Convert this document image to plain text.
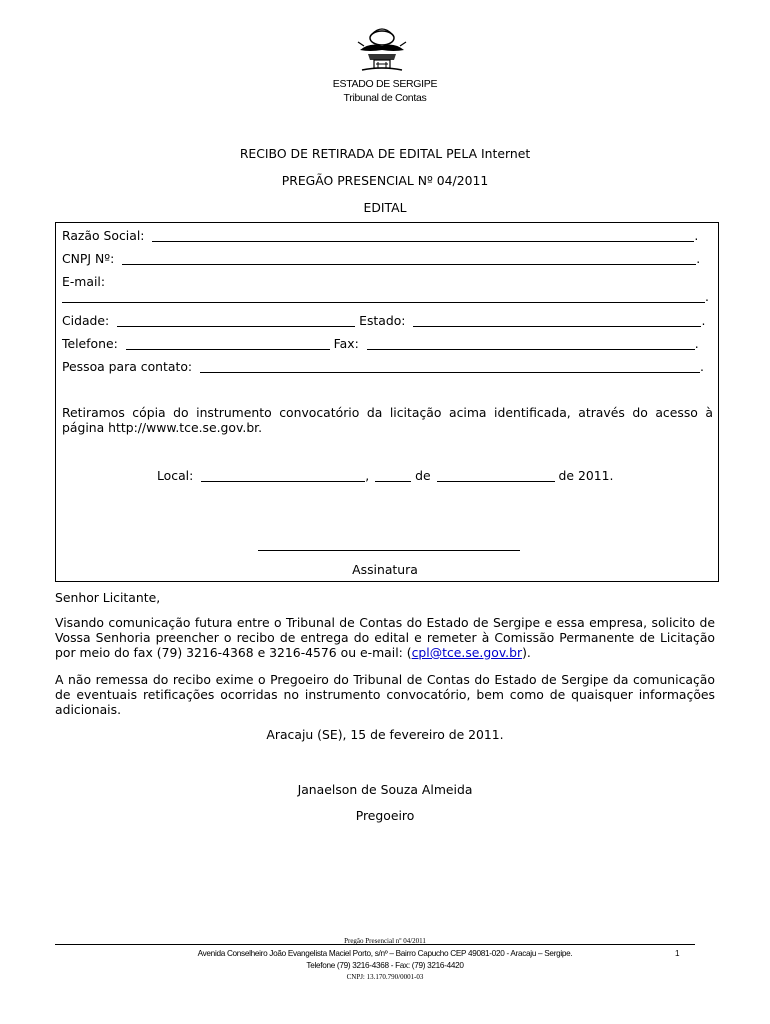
ESTADO DE SERGIPE
Tribunal de Contas
RECIBO DE RETIRADA DE EDITAL PELA Internet
PREGÃO PRESENCIAL Nº 04/2011
EDITAL
Razão Social:	.
CNPJ Nº:	.
E-mail:
.
Cidade:	Estado:	.
Telefone:	Fax:	.
Pessoa para contato:	.
Retiramos cópia do instrumento convocatório da licitação acima identificada, através do acesso à página http://www.tce.se.gov.br.
Local:	,	de	de 2011.
Assinatura
Senhor Licitante,
Visando comunicação futura entre o Tribunal de Contas do Estado de Sergipe e essa empresa, solicito de Vossa Senhoria preencher o recibo de entrega do edital e remeter à Comissão Permanente de Licitação por meio do fax (79) 3216-4368 e 3216-4576 ou e-mail: (cpl@tce.se.gov.br).
A não remessa do recibo exime o Pregoeiro do Tribunal de Contas do Estado de Sergipe da comunicação de eventuais retificações ocorridas no instrumento convocatório, bem como de quaisquer informações adicionais.
Aracaju (SE), 15 de fevereiro de 2011.
Janaelson de Souza Almeida
Pregoeiro
Pregão Presencial nº 04/2011
Avenida Conselheiro João Evangelista Maciel Porto, s/nº – Bairro Capucho CEP 49081-020 - Aracaju – Sergipe.	1
Telefone (79) 3216-4368 - Fax: (79) 3216-4420
CNPJ: 13.170.790/0001-03
